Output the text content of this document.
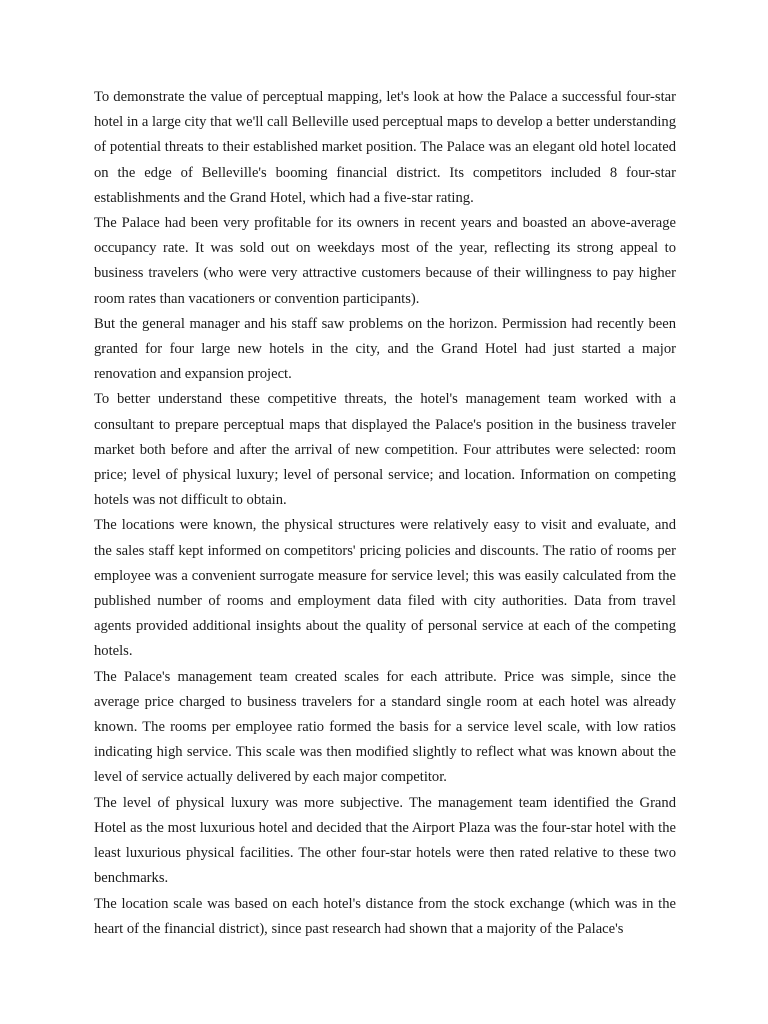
To demonstrate the value of perceptual mapping, let's look at how the Palace a successful four-star hotel in a large city that we'll call Belleville used perceptual maps to develop a better understanding of potential threats to their established market position. The Palace was an elegant old hotel located on the edge of Belleville's booming financial district. Its competitors included 8 four-star establishments and the Grand Hotel, which had a five-star rating.

The Palace had been very profitable for its owners in recent years and boasted an above-average occupancy rate. It was sold out on weekdays most of the year, reflecting its strong appeal to business travelers (who were very attractive customers because of their willingness to pay higher room rates than vacationers or convention participants).

But the general manager and his staff saw problems on the horizon. Permission had recently been granted for four large new hotels in the city, and the Grand Hotel had just started a major renovation and expansion project.

To better understand these competitive threats, the hotel's management team worked with a consultant to prepare perceptual maps that displayed the Palace's position in the business traveler market both before and after the arrival of new competition. Four attributes were selected: room price; level of physical luxury; level of personal service; and location. Information on competing hotels was not difficult to obtain.

The locations were known, the physical structures were relatively easy to visit and evaluate, and the sales staff kept informed on competitors' pricing policies and discounts. The ratio of rooms per employee was a convenient surrogate measure for service level; this was easily calculated from the published number of rooms and employment data filed with city authorities. Data from travel agents provided additional insights about the quality of personal service at each of the competing hotels.

The Palace's management team created scales for each attribute. Price was simple, since the average price charged to business travelers for a standard single room at each hotel was already known. The rooms per employee ratio formed the basis for a service level scale, with low ratios indicating high service. This scale was then modified slightly to reflect what was known about the level of service actually delivered by each major competitor.

The level of physical luxury was more subjective. The management team identified the Grand Hotel as the most luxurious hotel and decided that the Airport Plaza was the four-star hotel with the least luxurious physical facilities. The other four-star hotels were then rated relative to these two benchmarks.

The location scale was based on each hotel's distance from the stock exchange (which was in the heart of the financial district), since past research had shown that a majority of the Palace's
